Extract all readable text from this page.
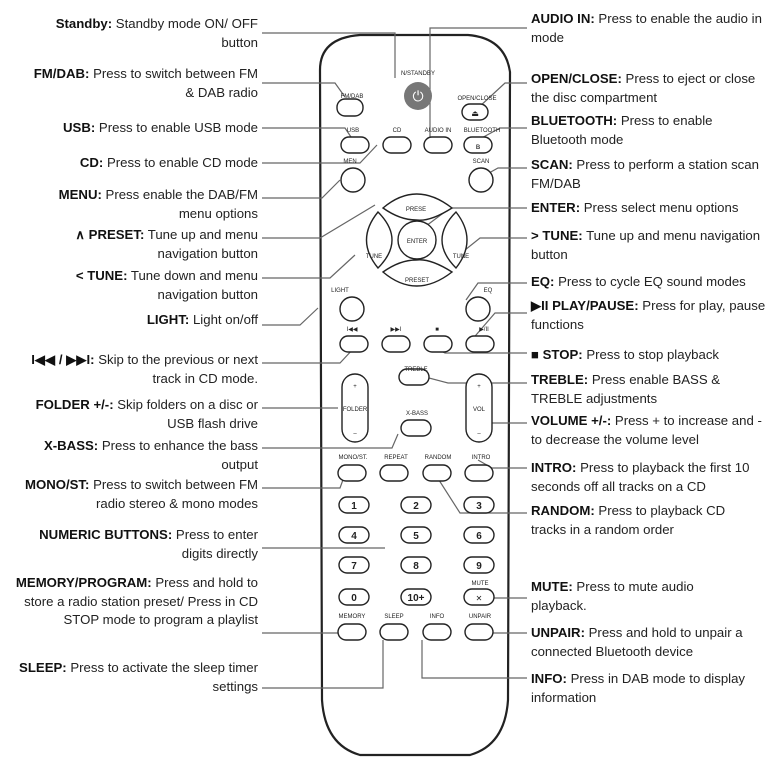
N/STANDBY
⏻
FM/DAB	OPEN/CLOSE
⏏
USB	CD	AUDIO IN BLUETOOTH
ʙ
MEN	SCAN
PRESE
ENTER
TUNE	TUNE
PRESET
LIGHT	EQ
I◀◀	▶▶I	■	▶/II
TREBLE
+
FOLDER
–
+
VOL
–
X-BASS
MONO/ST.	REPEAT	RANDOM	INTRO
1	2	3
4	5	6
7	8	9
0	10+
MUTE
✕
MEMORY	SLEEP	INFO	UNPAIR
Standby: Standby mode ON/ OFF button
FM/DAB: Press to switch between FM & DAB radio
USB: Press to enable USB mode
CD: Press to enable CD mode
MENU: Press enable the DAB/FM menu options
∧ PRESET: Tune up and menu navigation button
< TUNE: Tune down and menu navigation button
LIGHT: Light on/off
I◀◀ / ▶▶I: Skip to the previous or next track in CD mode.
FOLDER +/-: Skip folders on a disc or USB flash drive
X-BASS: Press to enhance the bass output
MONO/ST: Press to switch between FM radio stereo & mono modes
NUMERIC BUTTONS: Press to enter digits directly
MEMORY/PROGRAM: Press and hold to store a radio station preset/ Press in CD STOP mode to program a playlist
SLEEP: Press to activate the sleep timer settings
AUDIO IN: Press to enable the audio in mode
OPEN/CLOSE: Press to eject or close the disc compartment
BLUETOOTH: Press to enable Bluetooth mode
SCAN: Press to perform a station scan FM/DAB
ENTER: Press select menu options
> TUNE: Tune up and menu navigation button
EQ: Press to cycle EQ sound modes
▶II PLAY/PAUSE: Press for play, pause functions
■ STOP: Press to stop playback
TREBLE: Press enable BASS & TREBLE adjustments
VOLUME +/-: Press + to increase and - to decrease the volume level
INTRO: Press to playback the first 10 seconds off all tracks on a CD
RANDOM: Press to playback CD tracks in a random order
MUTE: Press to mute audio playback.
UNPAIR: Press and hold to unpair a connected Bluetooth device
INFO: Press in DAB mode to display information
